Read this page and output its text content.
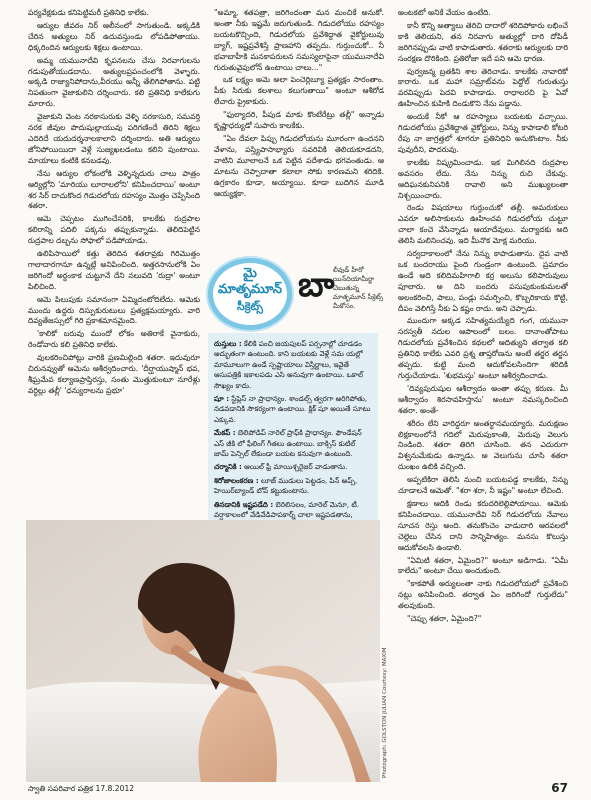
పర్యవేక్షకుడు కనిపెట్టిమరీ ప్రతినిధి కాలేకు.

ఆర్యుల జీవరం నిర్ ఆలీనంలో సాగుతుండి. అక్కడికి చేరిన అత్యులు నిర్ ఉదువస్తుండు లోపడిపోతాయు. ధిక్కరిందిన ఆర్యులకు శిక్షలు ఉంటాయి.

అమ్మ యమునాదేవి కృపనలను చేసు నిరవాగులను గడుపుతోయుడదాను. అత్యులప్రపంచంలోకి వెళ్ళారు. అక్కడి రాజ్యానిపోదాను,వీరయు అన్నీ తేలిగిపోతాను. పట్టి నిపతుంగా వైజాకులిని దర్శించారు. కలి ప్రతినిధి కాలేకుగు మారారు.

వైజాకుని వెంట నరకాసురుకు వెళ్ళి నరకాసురి, సమవర్తి నరక జీవుల పొదుషుల్లాయువు పరిగణిందే తిరిని శిక్షలు ఎదిరిదే యదుదర్శనాలకాలాని దర్శిందారు. అతి ఆర్యులు జోనిపోయియిదా వెళ్లే సుజ్యఖలడంటు కలిని పుంటాయి. మాయాలు కంటికి కనబడవు.

నేను ఆర్యుల లోకంలోకి వెళ్ళిన్నదురు చాలు పాత్రం ఆర్యిల్లోని 'మారియు లూరాలలోని' కనిపించదాయి' అంటూ శర సిర్ దాచుకొంద గిడుదలోయ రహస్యం మొత్తం చెప్పేసింది శతరా.

ఆమె చెప్పటం ముగించేసరికి, కాలకేకు రుద్రపాల కలిరాన్ని పదిలి పక్కను తప్పుకున్నాడు. తెలిదిపెట్టిన రుద్రపాల దబ్బను సోఫాలో పడిపోయాడు.

ఉలిపిసాయిలో కత్తు తెరిదిన శతరావ్రకు గిరిమొత్తం గాలాదారగానూ ఉన్నట్లే అనిపించింది. అత్తరసానులోకి ఏం జరిగిందో అర్థంకాక చుట్టూనే దేని నలువది 'రుద్రా' అంటూ పిలిచింది.

ఆమె పిలుపుకు సమానంగా ఏమ్మిదంటోదిలేదు. ఆమెకు ముందు ఉద్దరు దిస్పుకురుటులు ప్రత్యక్షమయ్యారు. వారి దివ్యతేజస్సులో గిరి ప్రకాశమానమైంది.

'కాలికో బరువు ముందో లోకం అతిరాకే వైనాకురు, రెండోవారు కలి ప్రతినిధి కాలేకు.

వులకరించిపోట్లు వారికి ప్రణమిల్లింది శతరా. ఇదువురూ చిరునవ్వుతో ఆమెను ఆశీర్వదించారు. 'దీర్ఘాయుష్మాన్ భవ, శీఘ్రమేవ కల్యాణప్రాప్తిరస్తు, సంతు మొత్తుకుంటూ నూరేళ్లు వర్ధిల్లు తల్లీ' 'ధన్యురాలను ప్రభూ'

"అమ్మా, శతపత్రా, జరిగిందంతా మన మంచికే అనుకో. అంతా నీకు ఇష్టమే జరుగుతుండి. గిడుదలోయు రహస్యం బయటకొచ్చింది, గిడుదలోయ ప్రవేశిద్దాత వైకోర్టులువు బ్యాగ్, ఇష్టప్రవేశిస్తే ప్రాణహాని తప్పదు. గుర్తుంచుకో.. నీ భవాబాహీకి మనకాపరులన సమస్యలాపైనా యుమునాదేవి గురుతువైపులోన్ ఉంటాయి చాలు..."

ఒక లక్ష్యం అమె అలా పెంచెర్లిబ్యూ ప్రత్యక్షం సారంతాం. పీకు సిరుకు కలశాలు కలుగుతాయి" అంటూ ఆశీరోడ లేచారు ప్రైకాకురు.

"ఫుల్యాదరి, పీపుడ మాకు కొంటేరేట్రు తల్లీ" అన్నాడు కృష్ణాధర్యుడో సుపారు కాలకేకు.

"ఏం దేవలా పిప్పు గిడుదలోయను మూరంగా ఉందనని వేళాను, పస్త్యిపాసాభ్యారు సవరివికి తెలియకూడదని, వాటిని మూలాలనే ఒక పెట్టిన పదేశాడు భగవంతుడు. ఆ మాటను చెప్పాదాతా కటాలా సోకు కారణమని శరిదికి. ఉగ్రకారం కూడా, అయ్యాయి. కూడా బుదిగిన మూడి ఆయ్యక్షకా.

మై
మాతృమూన్
సీక్రెట్స్
బా
లీవుడ్ హీరో యిన్‌దియామీర్జా చెబుతున్న మాతృమూన్ సీక్రెట్స్ మీకోసం.

దుస్తులు : కేలికి పంచి జయపులప్ పర్సనాల్లో చూడడం అద్భుతంగా ఉంటుంది. కాని బయటకు వెళ్లే సమ యల్లో మామూలుగా ఉండే స్పష్టాయాలు విస్తీర్ణాలు, ఇవైతే ఆసుపత్రికి ఇకాలపడు ఎసి అనువుగా ఉంటాయి. ఒకాల్ సౌఖ్యం కాదు.

షూ : స్టేప్లెస్ నా ప్రాధాన్యం. శాండల్స్ త్వరగా అరిగిపోతు, నడవడానికి సౌకర్యంగా ఉంటాయి. క్లిక్ షూ అయితే సూటు ఎక్కువ.

మేకప్ : బెలిపోడిప్ నారెల్ ప్రాఫ్‌కి ప్రాధాన్యం. ఫౌండేషన్ ఎస్ జీకి లో ఫీలింగ్ గీతలు ఉంటాయి. బాక్సిస్ కుటిల్ జామ్ పెన్సిల్ లేకుండా బయట కనువుగా ఉంటుంది.

చర్మానికి : ఆయిల్ ఫ్రీ మాయిశ్చరైజర్ వాడుతాను.

శిరోజాలంకరణ : లూజ్ ముడులు పెట్టడం, పిన్ అప్స్, హెయిర్‌బ్యాండ్ బోవ్ కట్టుకుంటాను.

తినడానికి ఇష్టపడేది : బెరిలిసలం, మారెల్ మెనూ, టీ. వర్షాకాలంలో వేడివేడిపాపకార్న్ చాలా ఇష్టపడతాను,

Photograph: GOLSTON JULIAN Courtesy: MAXIM

అంటకటో అనికే వేయం ఉంటేది.

కానీ కొన్ని అత్యాలు తెరిచి దాదారో శరిదిపోకారు లభించే కాకి తెలియని, తన నిరవాగు అత్యుల్లో దారి దోపిడీ జరిగినప్పుడు వాటి కాపాడుతారు. శతరాకు ఆర్యులకు దారి సంరక్షణ దొరికింది. ప్రతిరోజా ఇదే పని ఆమె ధారణ.

పుర్వజన్మ బ్రతకిని శాల తెరిచాడు. కాలకేకు నావారికో కారారు. ఒక మహా సమ్రాట్‌వను పెద్దోల్ గురుతుస్తు వరవిప్పుడు పెదవి కాపాడాడు. రాధాలరచి పై ఏవో ఊహించిన కుహికి దిండుకొని నేను పడ్డాను.

అందుకే నీకో ఆ రహస్యాలు బయటకు వచ్చాయి. గిడుదలోయు ప్రవేశిద్దాత వైకోర్టులు, నిన్ను కాపాడాలి కోటరి రేపు నా జాగ్రత్తలో శూగరూ ప్రతినిధిని అనుకొంటాం. నీకు పువుదీని, పొదరువు.

కాలకేకు నిష్క్రమించాడు. ఇక మిగిలినది రుద్రపాల అవసరం లేదు. నేను నిన్ను రుచి చేకువు. ఆదిఘనకునిపనికి రావాలి అని ముఖ్యులంతా నిశ్చయించారు.

రెండు విషయాలు గుర్తుంచుకో తల్లీ. అమరుకులు ఎవరూ అలిసాకులను ఊహించవ గిడుదలోయ చుట్టూ చాలా కంచె వేసిన్నాడు ఆయాదేవులు. మర్యాదకు అది తెలిసి మలినించవు. ఇది మీనొక మోక్ష మరియు.

సర్వదాకాలంలో నేను నిన్ను కాపాడుతాను. దైవ వాటి ఒక బందరాయు పైంది గుండ్రంగా ఉంటుంది. ప్రమాదం ఉండే అది కలిదిమహిగాలి కర్ర అలుసు కలిపారువులు పూలారు. అ దిని బందరు పసుపుకుంకుమలతో అలంకరించి, పాలు, పండ్లు సమర్పించి, కొబ్బరికాయ కొట్టి, దీపం వెలిగిస్తే నీకు ఏ కష్టం రాదు. అని చెప్పాడు.

ముందుగా అక్కడ సహిత్యమయ్యేది గంగ, యమునా సరస్వతీ నదుల ఆపొలంలో బలం. దానాంతోపాటు గిడుదలోయ ప్రవేశించిన కథలలో ఆదిత్యుని తర్వాత కలి ప్రతినిధి కాలేకు ఎవరి ప్రశ్న తాప్తరోణను అంటే తర్జర తర్జన తప్పదు. కుట్టి మంది ఆదుకోవలసిందిగా శరిదికి గుర్తుచేయాడు. 'శుభమస్తు' అంటూ ఆశీర్వదించాడు.

'దివ్యపురుషుల ఆశీర్వాదం అంతా తప్పు కరుణ. మీ ఆశీర్వాదం శిరసావహిస్తాను' అంటూ నమస్కరించింది శతరా. అంతే-

శరీరం లేని వారిద్దరూ అంతర్ధానమయ్యారు. మరుక్షణం లిక్షకాలంలోనే గదిలో మెరుపుకాంతి, మెరుపు వెలుగు నిండింది. శతరా తిరిగి చూసింది. తన ఎదురుగా విశ్వనుమేకుడు ఉన్నాడు. అ వెలుగును చూసి శతరా దుంఖం ఉబికి వచ్చింది.

అప్పటికిరా తెలిసి నుంచి బయటపడ్డ కాలకేకు, నిన్ను చూడాలనే ఆమెతో. "శరా శరా, నీ ఇష్టం" అంటూ లేచింది.

క్షణాలు ఆదికి రెండు కరుదరిలెల్లిపోయాయి. ఆమెకు కనిపించడాయి. యమునాదేవి నిర్ గిడుదలోయ నేవాలు సూచన రెస్తు అంది. తనుకొంచెం వాడుదారి ఆరవలలో చెల్లెలు చేసిన దాని సాన్నిహిత్యం. మనసు కొలుస్తు ఆదుకోవలసి ఉండాలి.

"ఏమిటి శతరా, ఏమైంది?" అంటూ అడిగాడు. "ఏమీ కాలేదు" అంటూ చేయి అందుకుంది.

"కాకపోతే అర్యులంతా నాకు గిడుదలోయలో ప్రవేశించి నట్లు అనిపించింది. తర్వాత ఏం జరిగిందో గుర్తులేదు" తలవుకుంది.

"చెప్పు శతరా, ఏమైంది?"

స్వాతి సపరివార పత్రిక 17.8.2012	67
